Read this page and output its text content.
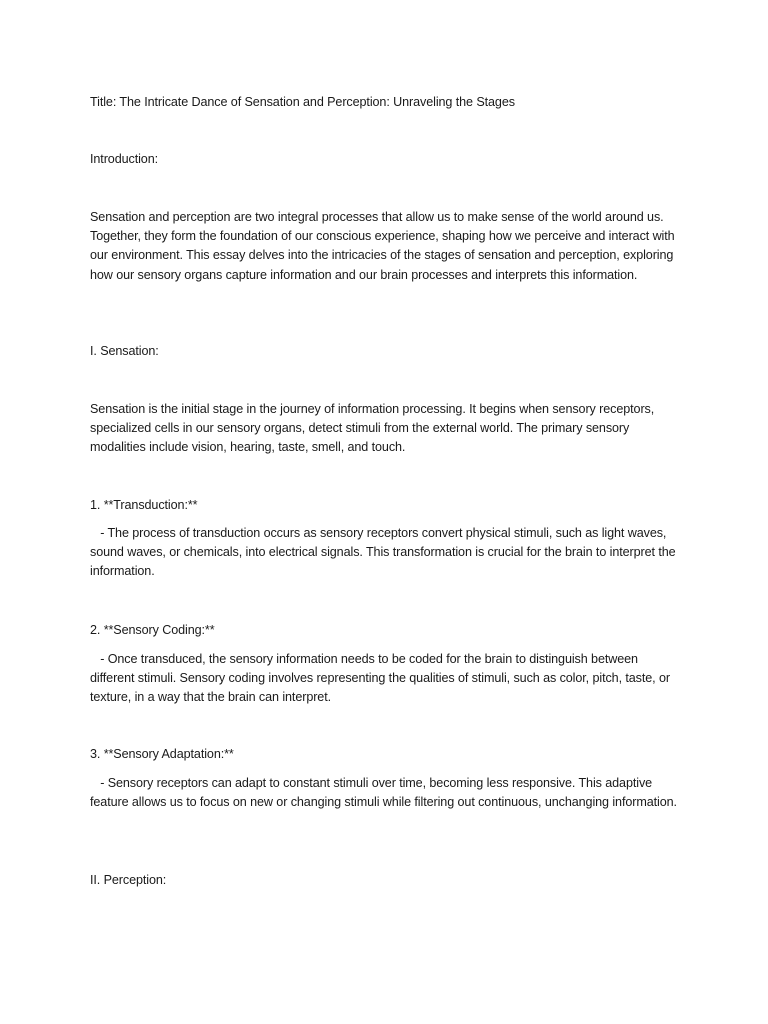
Title: The Intricate Dance of Sensation and Perception: Unraveling the Stages

Introduction:

Sensation and perception are two integral processes that allow us to make sense of the world around us. Together, they form the foundation of our conscious experience, shaping how we perceive and interact with our environment. This essay delves into the intricacies of the stages of sensation and perception, exploring how our sensory organs capture information and our brain processes and interprets this information.

I. Sensation:

Sensation is the initial stage in the journey of information processing. It begins when sensory receptors, specialized cells in our sensory organs, detect stimuli from the external world. The primary sensory modalities include vision, hearing, taste, smell, and touch.

1. **Transduction:**

- The process of transduction occurs as sensory receptors convert physical stimuli, such as light waves, sound waves, or chemicals, into electrical signals. This transformation is crucial for the brain to interpret the information.

2. **Sensory Coding:**

- Once transduced, the sensory information needs to be coded for the brain to distinguish between different stimuli. Sensory coding involves representing the qualities of stimuli, such as color, pitch, taste, or texture, in a way that the brain can interpret.

3. **Sensory Adaptation:**

- Sensory receptors can adapt to constant stimuli over time, becoming less responsive. This adaptive feature allows us to focus on new or changing stimuli while filtering out continuous, unchanging information.

II. Perception:
